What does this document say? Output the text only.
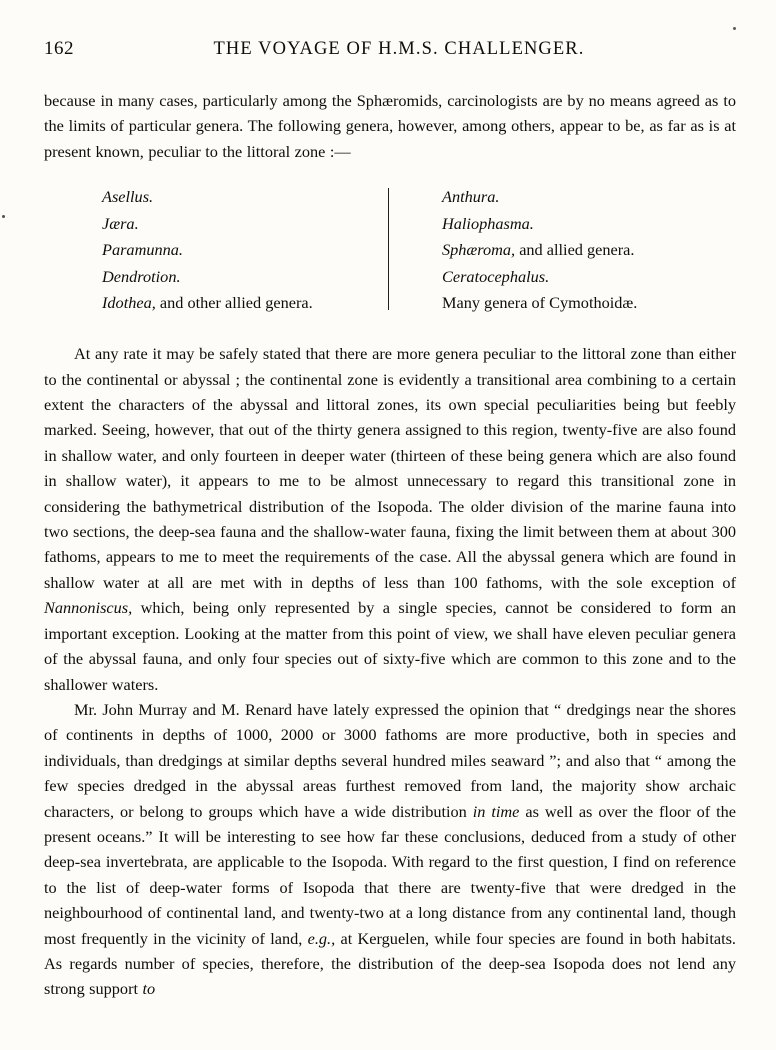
162	THE VOYAGE OF H.M.S. CHALLENGER.

because in many cases, particularly among the Sphæromids, carcinologists are by no means agreed as to the limits of particular genera. The following genera, however, among others, appear to be, as far as is at present known, peculiar to the littoral zone :—

Asellus.
Jæra.
Paramunna.
Dendrotion.
Idothea, and other allied genera.
Anthura.
Haliophasma.
Sphæroma, and allied genera.
Ceratocephalus.
Many genera of Cymothoidæ.

At any rate it may be safely stated that there are more genera peculiar to the littoral zone than either to the continental or abyssal ; the continental zone is evidently a transitional area combining to a certain extent the characters of the abyssal and littoral zones, its own special peculiarities being but feebly marked. Seeing, however, that out of the thirty genera assigned to this region, twenty-five are also found in shallow water, and only fourteen in deeper water (thirteen of these being genera which are also found in shallow water), it appears to me to be almost unnecessary to regard this transitional zone in considering the bathymetrical distribution of the Isopoda. The older division of the marine fauna into two sections, the deep-sea fauna and the shallow-water fauna, fixing the limit between them at about 300 fathoms, appears to me to meet the requirements of the case. All the abyssal genera which are found in shallow water at all are met with in depths of less than 100 fathoms, with the sole exception of Nannoniscus, which, being only represented by a single species, cannot be considered to form an important exception. Looking at the matter from this point of view, we shall have eleven peculiar genera of the abyssal fauna, and only four species out of sixty-five which are common to this zone and to the shallower waters.

Mr. John Murray and M. Renard have lately expressed the opinion that “ dredgings near the shores of continents in depths of 1000, 2000 or 3000 fathoms are more productive, both in species and individuals, than dredgings at similar depths several hundred miles seaward ”; and also that “ among the few species dredged in the abyssal areas furthest removed from land, the majority show archaic characters, or belong to groups which have a wide distribution in time as well as over the floor of the present oceans.” It will be interesting to see how far these conclusions, deduced from a study of other deep-sea invertebrata, are applicable to the Isopoda. With regard to the first question, I find on reference to the list of deep-water forms of Isopoda that there are twenty-five that were dredged in the neighbourhood of continental land, and twenty-two at a long distance from any continental land, though most frequently in the vicinity of land, e.g., at Kerguelen, while four species are found in both habitats. As regards number of species, therefore, the distribution of the deep-sea Isopoda does not lend any strong support to
